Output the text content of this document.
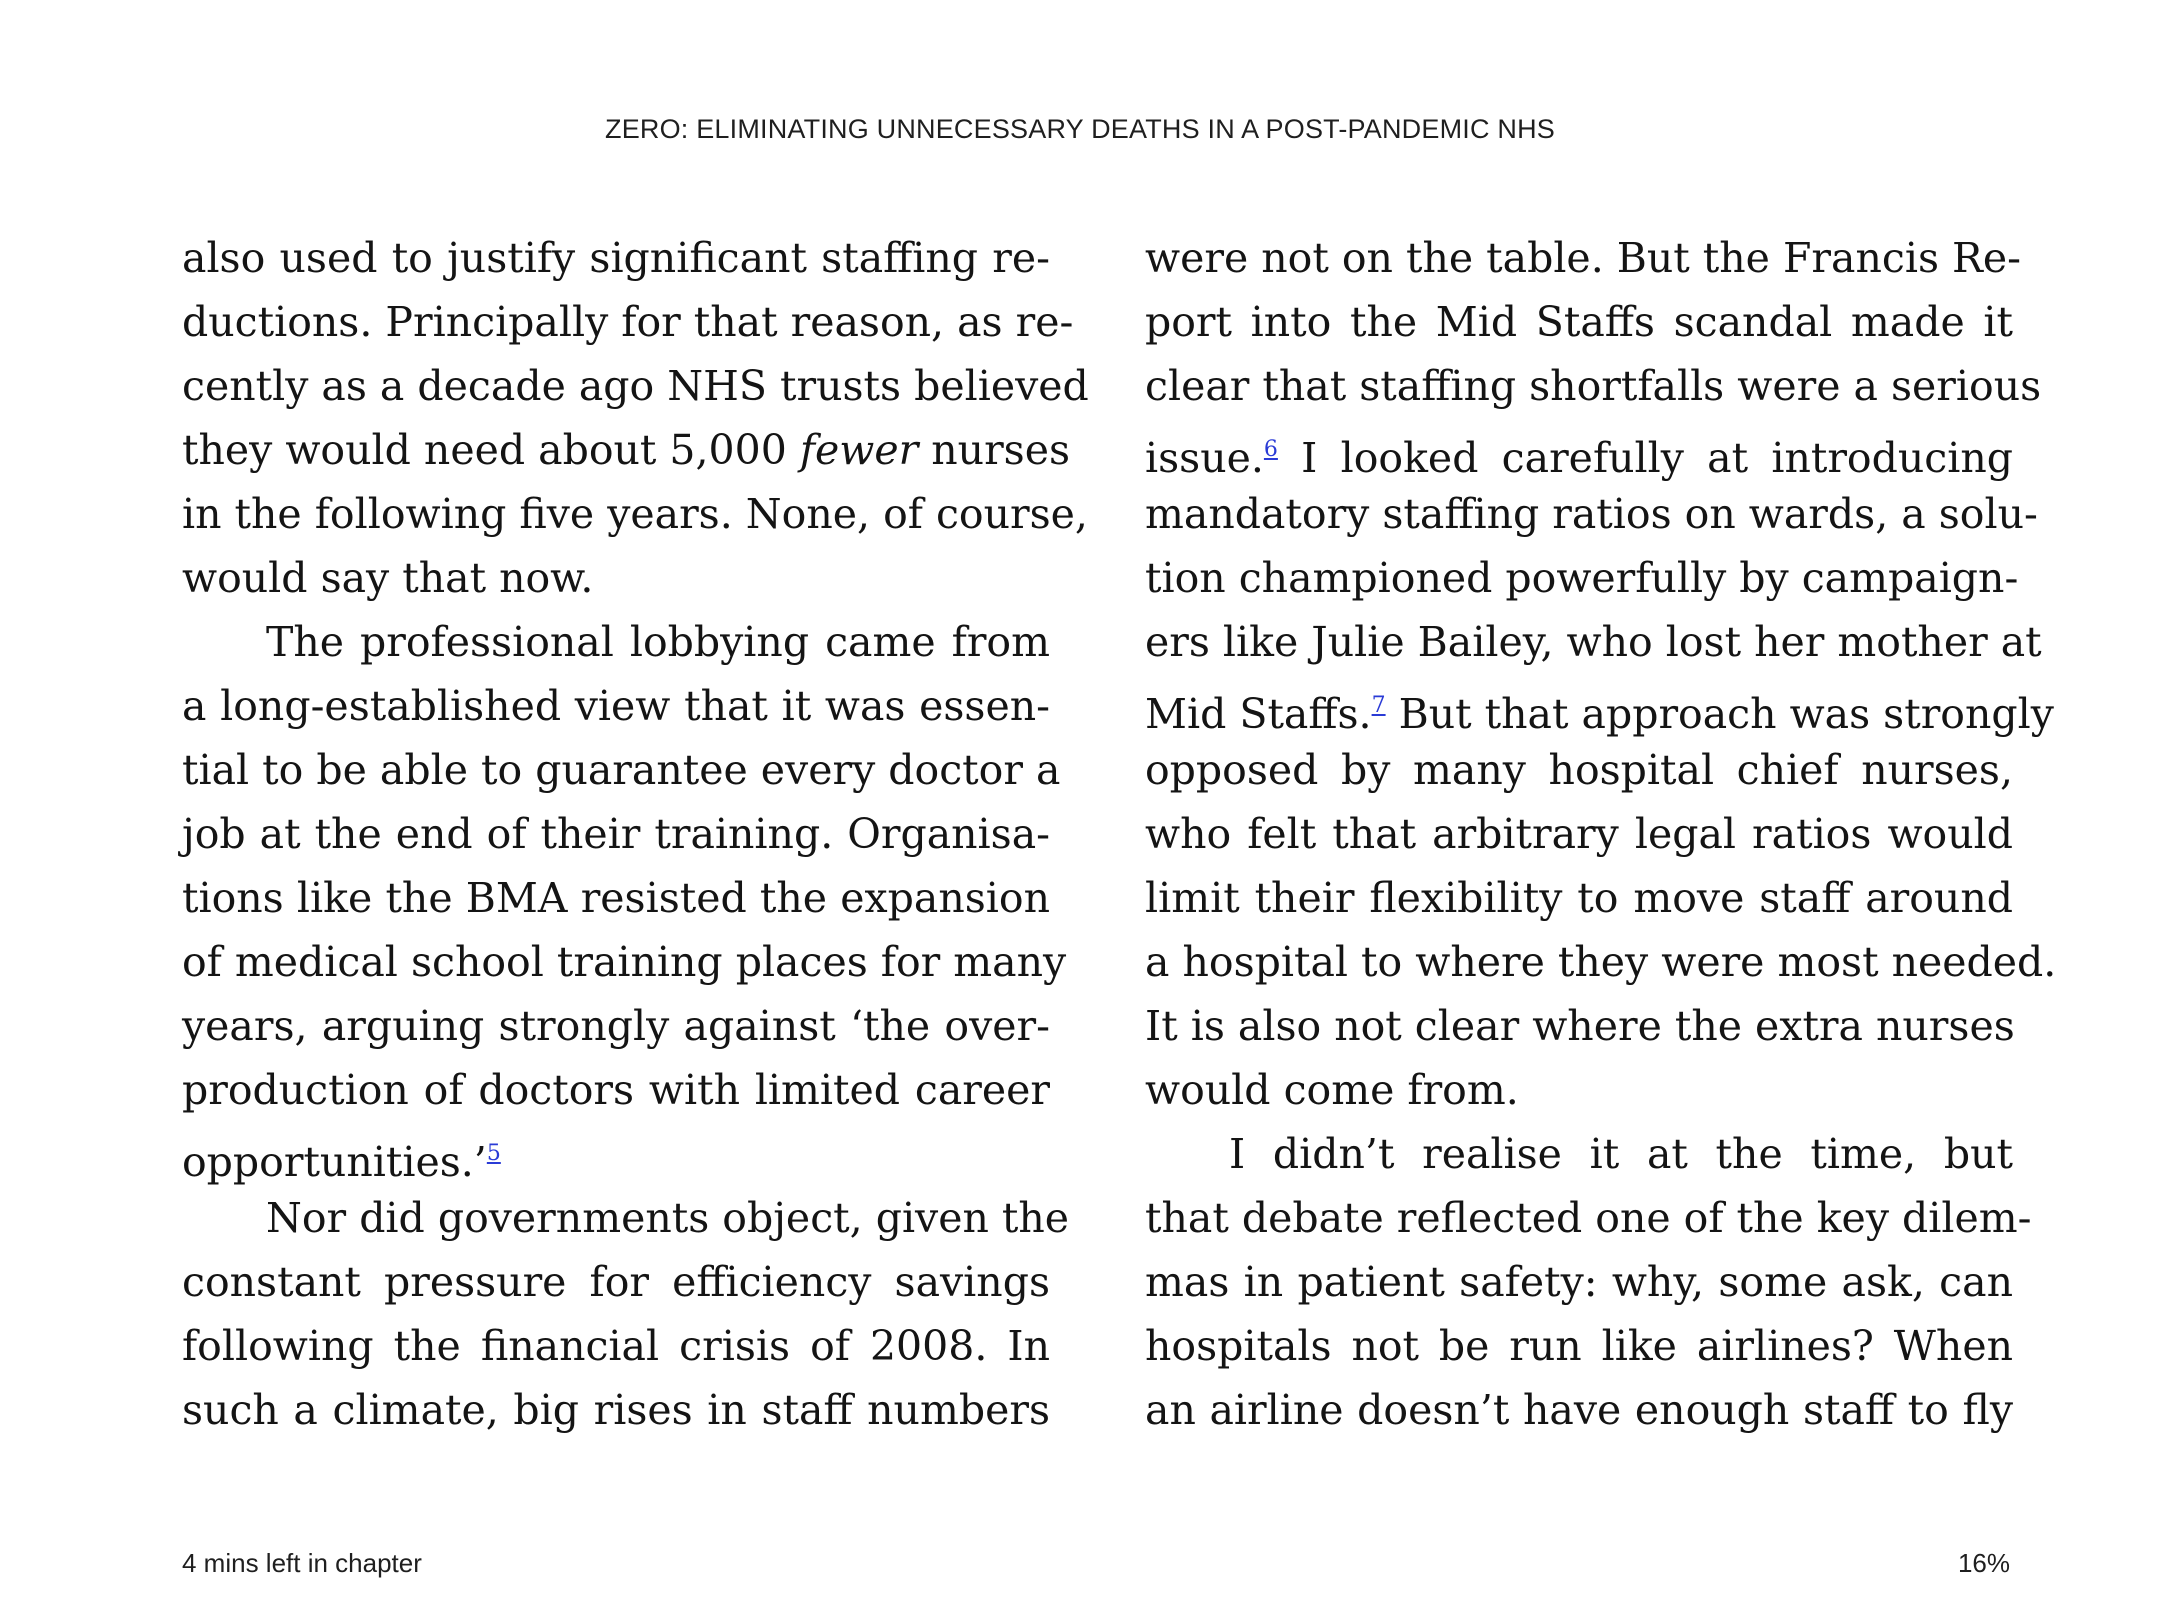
ZERO: ELIMINATING UNNECESSARY DEATHS IN A POST-PANDEMIC NHS
also used to justify significant staffing re-
ductions. Principally for that reason, as re-
cently as a decade ago NHS trusts believed
they would need about 5,000 fewer nurses
in the following five years. None, of course,
would say that now.
The professional lobbying came from
a long-established view that it was essen-
tial to be able to guarantee every doctor a
job at the end of their training. Organisa-
tions like the BMA resisted the expansion
of medical school training places for many
years, arguing strongly against ‘the over-
production of doctors with limited career
opportunities.’$^5$
Nor did governments object, given the
constant pressure for efficiency savings
following the financial crisis of 2008. In
such a climate, big rises in staff numbers
were not on the table. But the Francis Re-
port into the Mid Staffs scandal made it
clear that staffing shortfalls were a serious
issue.$^6$ I looked carefully at introducing
mandatory staffing ratios on wards, a solu-
tion championed powerfully by campaign-
ers like Julie Bailey, who lost her mother at
Mid Staffs.$^7$ But that approach was strongly
opposed by many hospital chief nurses,
who felt that arbitrary legal ratios would
limit their flexibility to move staff around
a hospital to where they were most needed.
It is also not clear where the extra nurses
would come from.
I didn’t realise it at the time, but
that debate reflected one of the key dilem-
mas in patient safety: why, some ask, can
hospitals not be run like airlines? When
an airline doesn’t have enough staff to fly
4 mins left in chapter	16%
